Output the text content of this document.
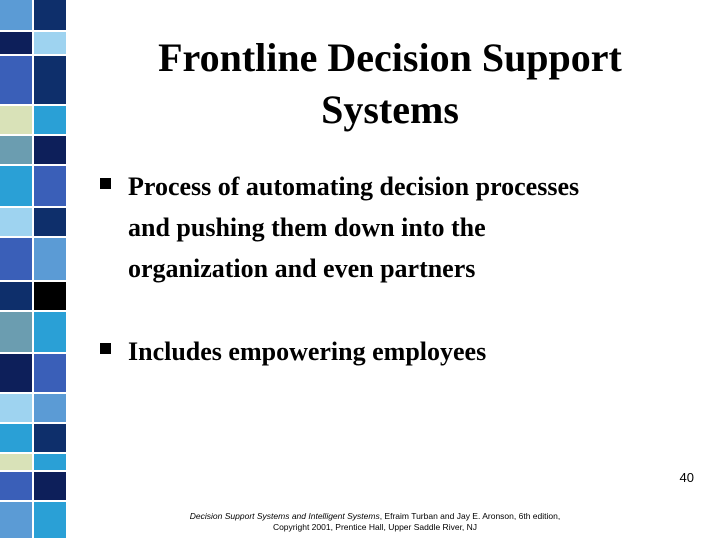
Frontline Decision Support
Systems
Process of automating decision processes
and pushing them down into the
organization and even partners
Includes empowering employees
40
Decision Support Systems and Intelligent Systems, Efraim Turban and Jay E. Aronson, 6th edition,
Copyright 2001, Prentice Hall, Upper Saddle River, NJ
